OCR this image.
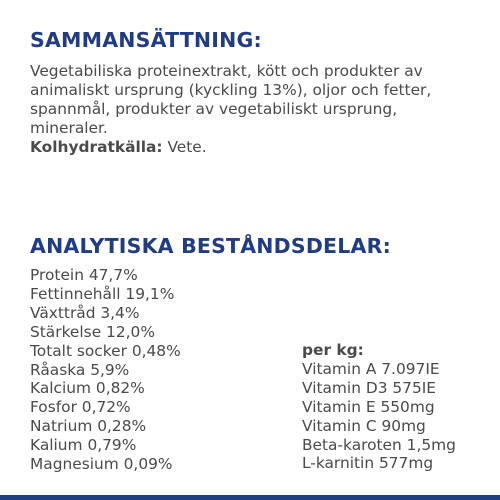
SAMMANSÄTTNING:

Vegetabiliska proteinextrakt, kött och produkter av animaliskt ursprung (kyckling 13%), oljor och fetter, spannmål, produkter av vegetabiliskt ursprung, mineraler.

Kolhydratkälla: Vete.

ANALYTISKA BESTÅNDSDELAR:
Protein 47,7%
Fettinnehåll 19,1%
Växttråd 3,4%
Stärkelse 12,0%
Totalt socker 0,48%
Råaska 5,9%
Kalcium 0,82%
Fosfor 0,72%
Natrium 0,28%
Kalium 0,79%
Magnesium 0,09%
per kg:
Vitamin A 7.097IE
Vitamin D3 575IE
Vitamin E 550mg
Vitamin C 90mg
Beta-karoten 1,5mg
L-karnitin 577mg
